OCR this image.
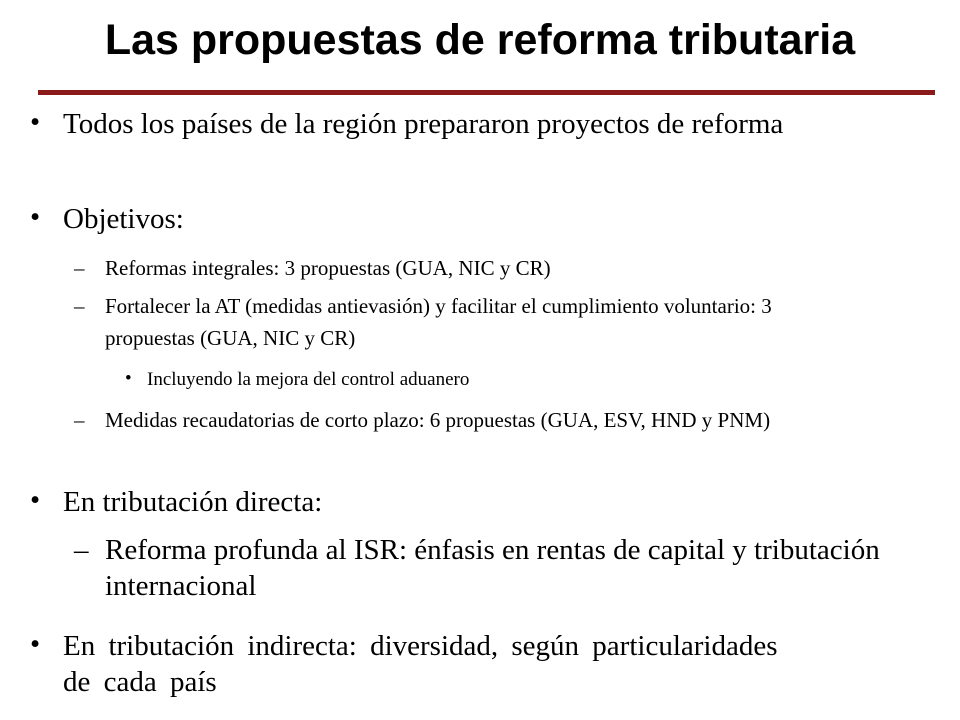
Las propuestas de reforma tributaria
• Todos los países de la región prepararon proyectos de reforma
• Objetivos:
– Reformas integrales: 3 propuestas (GUA, NIC y CR)
– Fortalecer la AT (medidas antievasión) y facilitar el cumplimiento voluntario: 3 propuestas (GUA, NIC y CR)
• Incluyendo la mejora del control aduanero
– Medidas recaudatorias de corto plazo: 6 propuestas (GUA, ESV, HND y PNM)
• En tributación directa:
– Reforma profunda al ISR: énfasis en rentas de capital y tributación internacional
• En tributación indirecta: diversidad, según particularidades de cada país
